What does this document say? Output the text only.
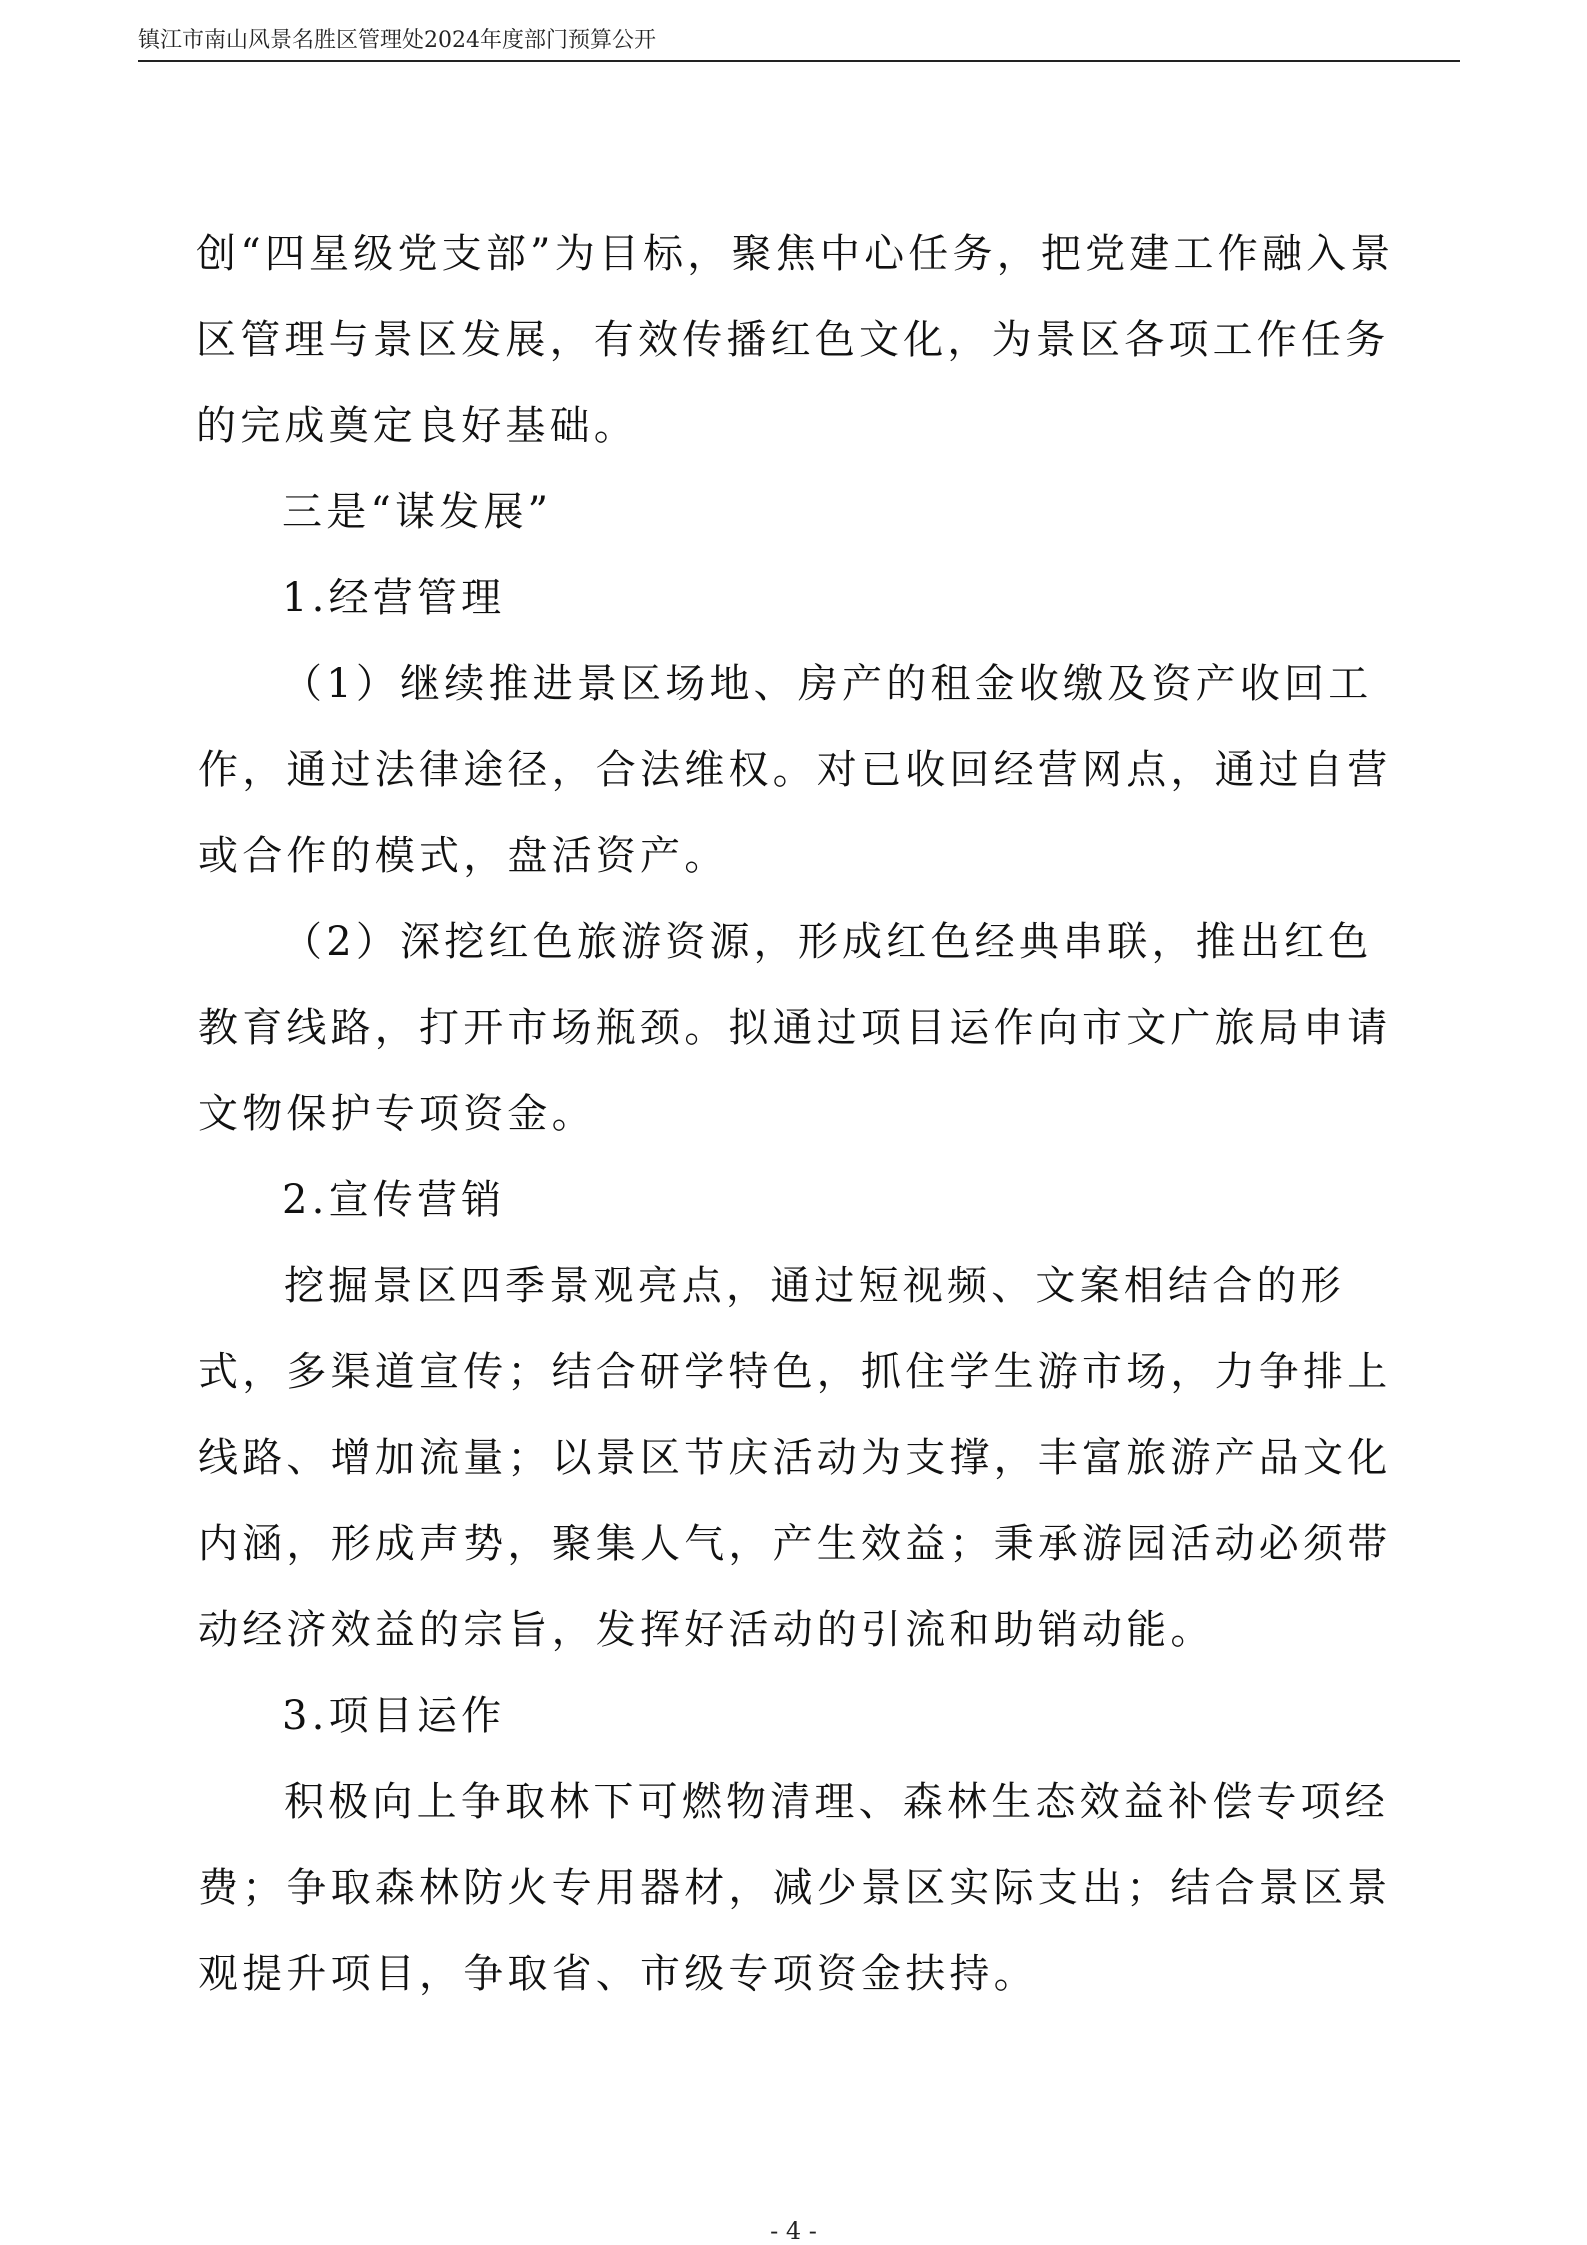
镇江市南山风景名胜区管理处2024年度部门预算公开

创“四星级党支部”为目标，聚焦中心任务，把党建工作融入景区管理与景区发展，有效传播红色文化，为景区各项工作任务的完成奠定良好基础。

三是“谋发展”

1.经营管理

（1）继续推进景区场地、房产的租金收缴及资产收回工作，通过法律途径，合法维权。对已收回经营网点，通过自营或合作的模式，盘活资产。

（2）深挖红色旅游资源，形成红色经典串联，推出红色教育线路，打开市场瓶颈。拟通过项目运作向市文广旅局申请文物保护专项资金。

2.宣传营销

挖掘景区四季景观亮点，通过短视频、文案相结合的形式，多渠道宣传；结合研学特色，抓住学生游市场，力争排上线路、增加流量；以景区节庆活动为支撑，丰富旅游产品文化内涵，形成声势，聚集人气，产生效益；秉承游园活动必须带动经济效益的宗旨，发挥好活动的引流和助销动能。

3.项目运作

积极向上争取林下可燃物清理、森林生态效益补偿专项经费；争取森林防火专用器材，减少景区实际支出；结合景区景观提升项目，争取省、市级专项资金扶持。

- 4 -
